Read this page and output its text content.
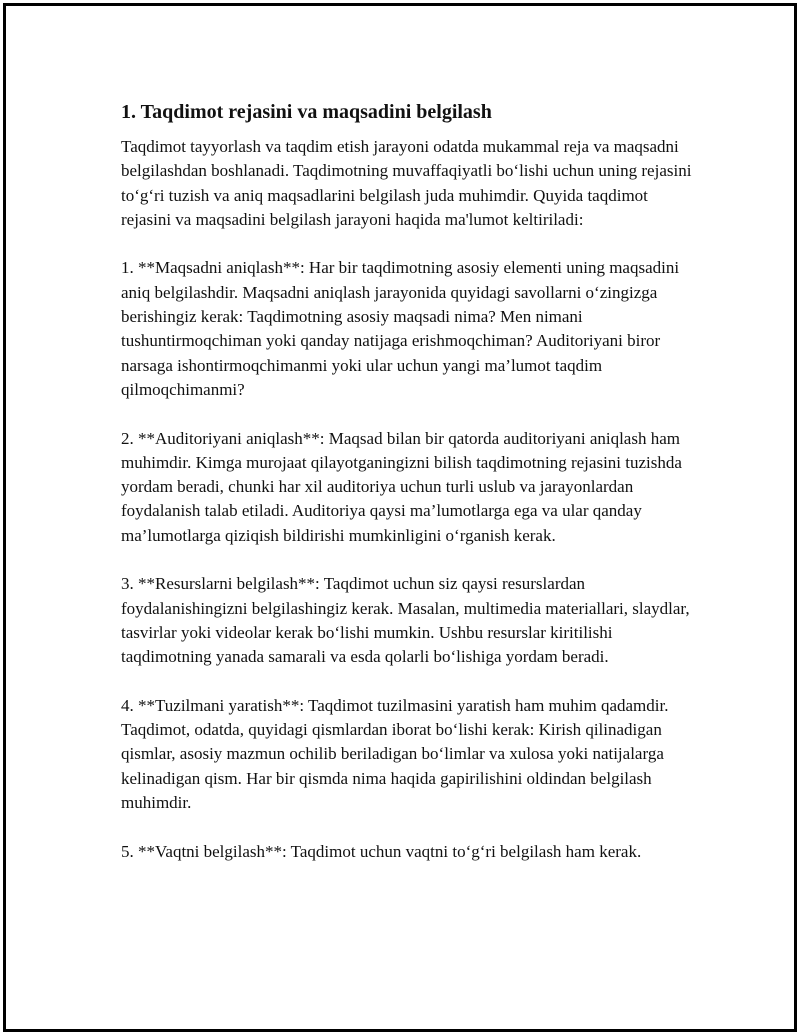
1. Taqdimot rejasini va maqsadini belgilash

Taqdimot tayyorlash va taqdim etish jarayoni odatda mukammal reja va maqsadni belgilashdan boshlanadi. Taqdimotning muvaffaqiyatli bo‘lishi uchun uning rejasini to‘g‘ri tuzish va aniq maqsadlarini belgilash juda muhimdir. Quyida taqdimot rejasini va maqsadini belgilash jarayoni haqida ma'lumot keltiriladi:

1. **Maqsadni aniqlash**: Har bir taqdimotning asosiy elementi uning maqsadini aniq belgilashdir. Maqsadni aniqlash jarayonida quyidagi savollarni o‘zingizga berishingiz kerak: Taqdimotning asosiy maqsadi nima? Men nimani tushuntirmoqchiman yoki qanday natijaga erishmoqchiman? Auditoriyani biror narsaga ishontirmoqchimanmi yoki ular uchun yangi ma’lumot taqdim qilmoqchimanmi?

2. **Auditoriyani aniqlash**: Maqsad bilan bir qatorda auditoriyani aniqlash ham muhimdir. Kimga murojaat qilayotganingizni bilish taqdimotning rejasini tuzishda yordam beradi, chunki har xil auditoriya uchun turli uslub va jarayonlardan foydalanish talab etiladi. Auditoriya qaysi ma’lumotlarga ega va ular qanday ma’lumotlarga qiziqish bildirishi mumkinligini o‘rganish kerak.

3. **Resurslarni belgilash**: Taqdimot uchun siz qaysi resurslardan foydalanishingizni belgilashingiz kerak. Masalan, multimedia materiallari, slaydlar, tasvirlar yoki videolar kerak bo‘lishi mumkin. Ushbu resurslar kiritilishi taqdimotning yanada samarali va esda qolarli bo‘lishiga yordam beradi.

4. **Tuzilmani yaratish**: Taqdimot tuzilmasini yaratish ham muhim qadamdir. Taqdimot, odatda, quyidagi qismlardan iborat bo‘lishi kerak: Kirish qilinadigan qismlar, asosiy mazmun ochilib beriladigan bo‘limlar va xulosa yoki natijalarga kelinadigan qism. Har bir qismda nima haqida gapirilishini oldindan belgilash muhimdir.

5. **Vaqtni belgilash**: Taqdimot uchun vaqtni to‘g‘ri belgilash ham kerak.
